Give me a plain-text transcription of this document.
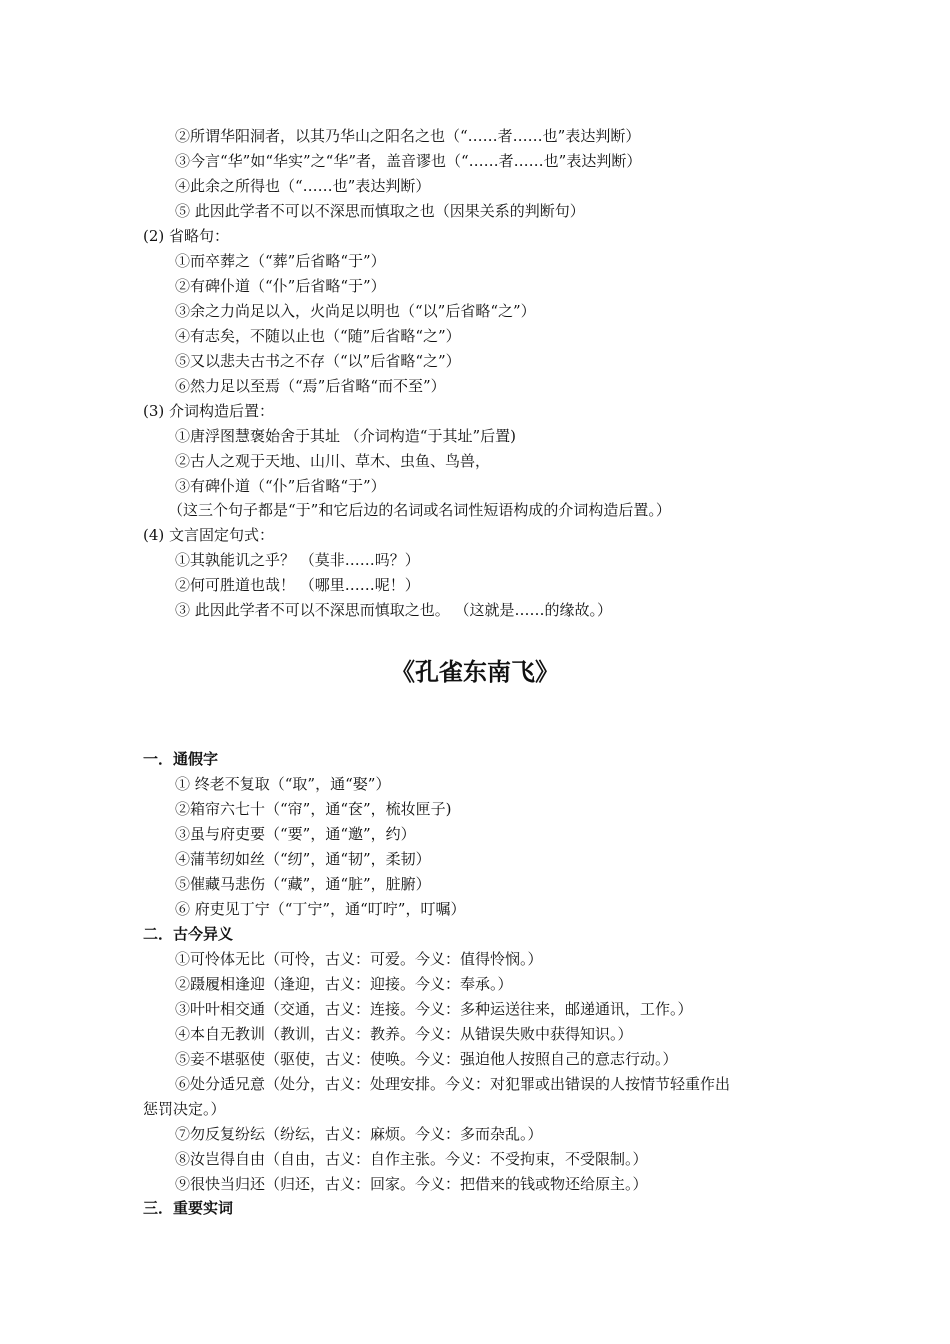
②所谓华阳洞者，以其乃华山之阳名之也（“……者……也”表达判断）
③今言“华”如“华实”之“华”者，盖音谬也（“……者……也”表达判断）
④此余之所得也（“……也”表达判断）
⑤ 此因此学者不可以不深思而慎取之也（因果关系的判断句）
(2) 省略句：
①而卒葬之（“葬”后省略“于”）
②有碑仆道（“仆”后省略“于”）
③余之力尚足以入，火尚足以明也（“以”后省略“之”）
④有志矣，不随以止也（“随”后省略“之”）
⑤又以悲夫古书之不存（“以”后省略“之”）
⑥然力足以至焉（“焉”后省略“而不至”）
(3) 介词构造后置：
①唐浮图慧褒始舍于其址 （介词构造“于其址”后置)
②古人之观于天地、山川、草木、虫鱼、鸟兽，
③有碑仆道（“仆”后省略“于”）
（这三个句子都是“于”和它后边的名词或名词性短语构成的介词构造后置。）
(4) 文言固定句式：
①其孰能讥之乎？ （莫非……吗？）
②何可胜道也哉！ （哪里……呢！）
③ 此因此学者不可以不深思而慎取之也。 （这就是……的缘故。）
《孔雀东南飞》
一．通假字
① 终老不复取（“取”，通“娶”）
②箱帘六七十（“帘”，通“奁”，梳妆匣子)
③虽与府吏要（“要”，通“邀”，约）
④蒲苇纫如丝（“纫”，通“韧”，柔韧）
⑤催藏马悲伤（“藏”，通“脏”，脏腑）
⑥ 府吏见丁宁（“丁宁”，通“叮咛”，叮嘱）
二．古今异义
①可怜体无比（可怜，古义：可爱。今义：值得怜悯。）
②蹑履相逢迎（逢迎，古义：迎接。今义：奉承。）
③叶叶相交通（交通，古义：连接。今义：多种运送往来，邮递通讯，工作。）
④本自无教训（教训，古义：教养。今义：从错误失败中获得知识。）
⑤妾不堪驱使（驱使，古义：使唤。今义：强迫他人按照自己的意志行动。）
⑥处分适兄意（处分，古义：处理安排。今义：对犯罪或出错误的人按情节轻重作出
惩罚决定。）
⑦勿反复纷纭（纷纭，古义：麻烦。今义：多而杂乱。）
⑧汝岂得自由（自由，古义：自作主张。今义：不受拘束，不受限制。）
⑨很快当归还（归还，古义：回家。今义：把借来的钱或物还给原主。）
三．重要实词
